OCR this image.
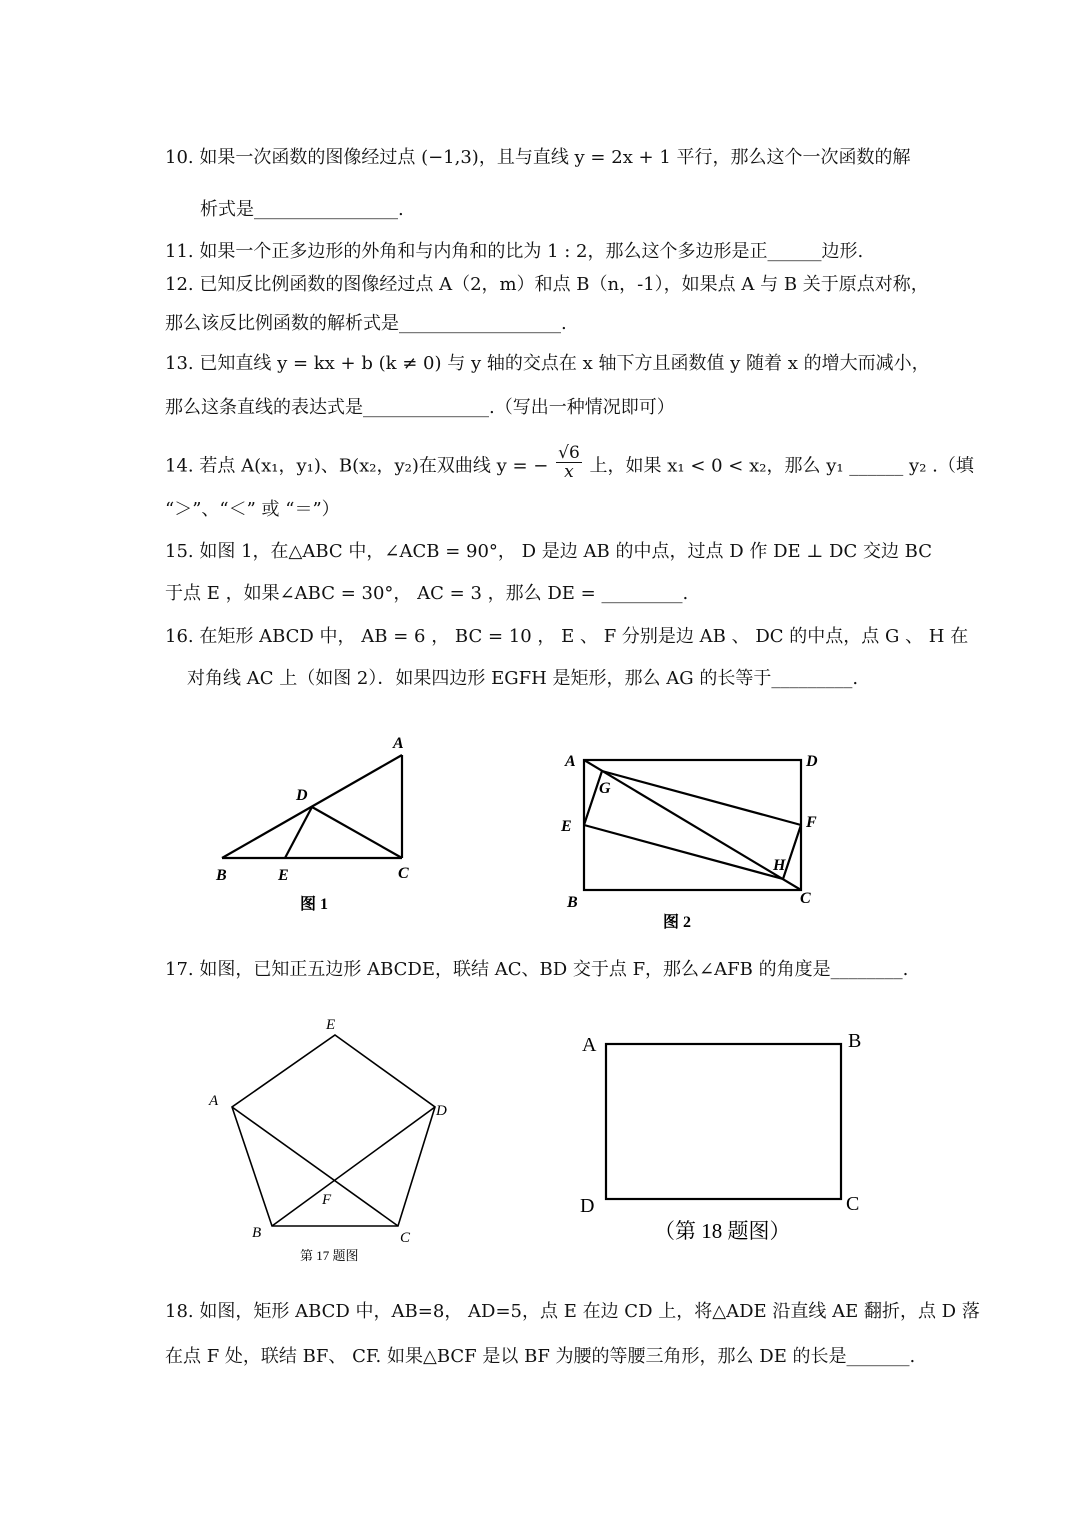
10. 如果一次函数的图像经过点 (−1,3)，且与直线 y = 2x + 1 平行，那么这个一次函数的解
析式是________________.
11. 如果一个正多边形的外角和与内角和的比为 1 : 2，那么这个多边形是正______边形.
12. 已知反比例函数的图像经过点 A（2，m）和点 B（n，-1），如果点 A 与 B 关于原点对称，
那么该反比例函数的解析式是__________________.
13. 已知直线 y = kx + b (k ≠ 0) 与 y 轴的交点在 x 轴下方且函数值 y 随着 x 的增大而减小，
那么这条直线的表达式是______________.（写出一种情况即可）
14. 若点 A(x₁，y₁)、B(x₂，y₂)在双曲线 y = − $\frac{√6}{x}$ 上，如果 x₁ < 0 < x₂，那么 y₁ ______ y₂ .（填
“＞”、“＜” 或 “＝”）
15. 如图 1，在△ABC 中，∠ACB = 90°， D 是边 AB 的中点，过点 D 作 DE ⊥ DC 交边 BC
于点 E ，如果∠ABC = 30°， AC = 3 ，那么 DE = _________.
16. 在矩形 ABCD 中， AB = 6 ， BC = 10 ， E 、 F 分别是边 AB 、 DC 的中点，点 G 、 H 在
对角线 AC 上（如图 2）．如果四边形 EGFH 是矩形，那么 AG 的长等于_________.
A
D
B	E	C
图 1
A	D
G
E	F
H
B	C
图 2
17. 如图，已知正五边形 ABCDE，联结 AC、BD 交于点 F，那么∠AFB 的角度是________.
E
A
D
F
B	C
第 17 题图
A	B
D	C
（第 18 题图）
18. 如图，矩形 ABCD 中，AB=8， AD=5，点 E 在边 CD 上，将△ADE 沿直线 AE 翻折，点 D 落
在点 F 处，联结 BF、 CF. 如果△BCF 是以 BF 为腰的等腰三角形，那么 DE 的长是_______.
